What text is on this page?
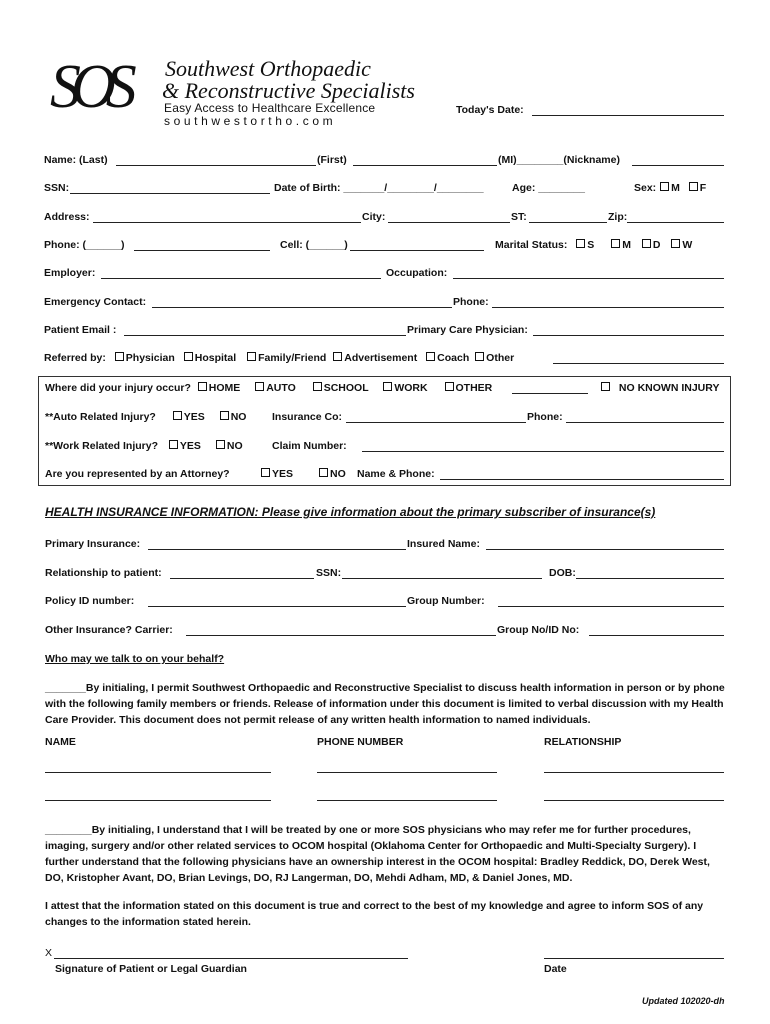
SOS Southwest Orthopaedic
& Reconstructive Specialists
Easy Access to Healthcare Excellence
southwestortho.com
Today's Date:
Name: (Last)	(First)	(MI)________(Nickname)
SSN:	Date of Birth: _______/________/________	Age: ________	Sex: M F
Address:	City:	ST:	Zip:
Phone: (______)	Cell: (______)	Marital Status: S	M D W
Employer:	Occupation:
Emergency Contact:	Phone:
Patient Email :	Primary Care Physician:
Referred by: Physician Hospital Family/Friend Advertisement Coach Other
Where did your injury occur? HOME AUTO	SCHOOL WORK	OTHER	NO KNOWN INJURY
**Auto Related Injury?	YES NO Insurance Co:	Phone:
**Work Related Injury? YES NO	Claim Number:
Are you represented by an Attorney?	YES	NO Name & Phone:
HEALTH INSURANCE INFORMATION: Please give information about the primary subscriber of insurance(s)
Primary Insurance:	Insured Name:
Relationship to patient:	SSN:	DOB:
Policy ID number:	Group Number:
Other Insurance? Carrier:	Group No/ID No:
Who may we talk to on your behalf?
_______By initialing, I permit Southwest Orthopaedic and Reconstructive Specialist to discuss health information in person or by phone with the following family members or friends. Release of information under this document is limited to verbal discussion with my Health Care Provider. This document does not permit release of any written health information to named individuals.
NAME	PHONE NUMBER	RELATIONSHIP
________By initialing, I understand that I will be treated by one or more SOS physicians who may refer me for further procedures, imaging, surgery and/or other related services to OCOM hospital (Oklahoma Center for Orthopaedic and Multi-Specialty Surgery). I further understand that the following physicians have an ownership interest in the OCOM hospital: Bradley Reddick, DO, Derek West, DO, Kristopher Avant, DO, Brian Levings, DO, RJ Langerman, DO, Mehdi Adham, MD, & Daniel Jones, MD.
I attest that the information stated on this document is true and correct to the best of my knowledge and agree to inform SOS of any changes to the information stated herein.
X
Signature of Patient or Legal Guardian	Date
Updated 102020-dh
